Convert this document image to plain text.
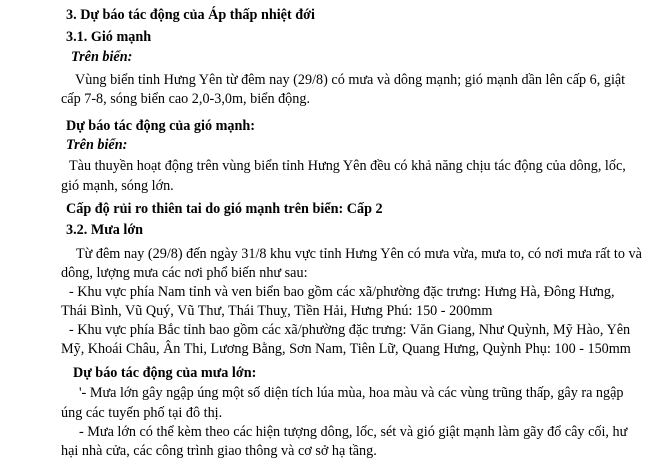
3. Dự báo tác động của Áp thấp nhiệt đới
3.1. Gió mạnh
Trên biển:
Vùng biển tỉnh Hưng Yên từ đêm nay (29/8) có mưa và dông mạnh; gió mạnh dần lên cấp 6, giật
cấp 7-8, sóng biển cao 2,0-3,0m, biển động.
Dự báo tác động của gió mạnh:
Trên biển:
Tàu thuyền hoạt động trên vùng biển tỉnh Hưng Yên đều có khả năng chịu tác động của dông, lốc,
gió mạnh, sóng lớn.
Cấp độ rủi ro thiên tai do gió mạnh trên biển: Cấp 2
3.2. Mưa lớn
Từ đêm nay (29/8) đến ngày 31/8 khu vực tỉnh Hưng Yên có mưa vừa, mưa to, có nơi mưa rất to và
dông, lượng mưa các nơi phổ biến như sau:
- Khu vực phía Nam tỉnh và ven biển bao gồm các xã/phường đặc trưng: Hưng Hà, Đông Hưng,
Thái Bình, Vũ Quý, Vũ Thư, Thái Thuỵ, Tiền Hải, Hưng Phú: 150 - 200mm
- Khu vực phía Bắc tỉnh bao gồm các xã/phường đặc trưng: Văn Giang, Như Quỳnh, Mỹ Hào, Yên
Mỹ, Khoái Châu, Ân Thi, Lương Bằng, Sơn Nam, Tiên Lữ, Quang Hưng, Quỳnh Phụ: 100 - 150mm
Dự báo tác động của mưa lớn:
'- Mưa lớn gây ngập úng một số diện tích lúa mùa, hoa màu và các vùng trũng thấp, gây ra ngập
úng các tuyến phố tại đô thị.
- Mưa lớn có thể kèm theo các hiện tượng dông, lốc, sét và gió giật mạnh làm gãy đổ cây cối, hư
hại nhà cửa, các công trình giao thông và cơ sở hạ tầng.
